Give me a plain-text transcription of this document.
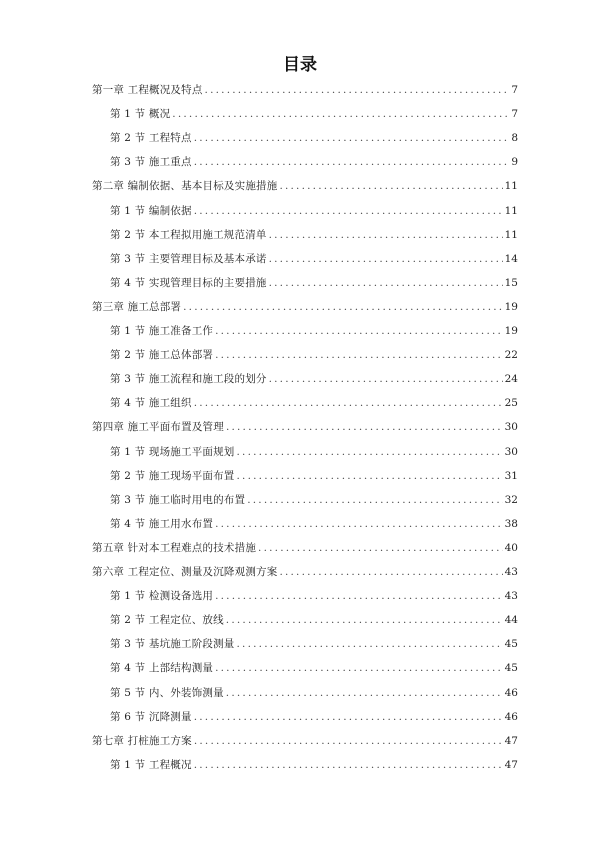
目录
第一章 工程概况及特点 .....	7
第 1 节 概况 .....	7
第 2 节 工程特点 .....	8
第 3 节 施工重点 .....	9
第二章 编制依据、基本目标及实施措施 .....	11
第 1 节 编制依据 .....	11
第 2 节 本工程拟用施工规范清单 .....	11
第 3 节 主要管理目标及基本承诺 .....	14
第 4 节 实现管理目标的主要措施 .....	15
第三章 施工总部署 .....	19
第 1 节 施工准备工作 .....	19
第 2 节 施工总体部署 .....	22
第 3 节 施工流程和施工段的划分 .....	24
第 4 节 施工组织 .....	25
第四章 施工平面布置及管理 .....	30
第 1 节 现场施工平面规划 .....	30
第 2 节 施工现场平面布置 .....	31
第 3 节 施工临时用电的布置 .....	32
第 4 节 施工用水布置 .....	38
第五章 针对本工程难点的技术措施 .....	40
第六章 工程定位、测量及沉降观测方案 .....	43
第 1 节 检测设备选用 .....	43
第 2 节 工程定位、放线 .....	44
第 3 节 基坑施工阶段测量 .....	45
第 4 节 上部结构测量 .....	45
第 5 节 内、外装饰测量 .....	46
第 6 节 沉降测量 .....	46
第七章 打桩施工方案 .....	47
第 1 节 工程概况 .....	47
